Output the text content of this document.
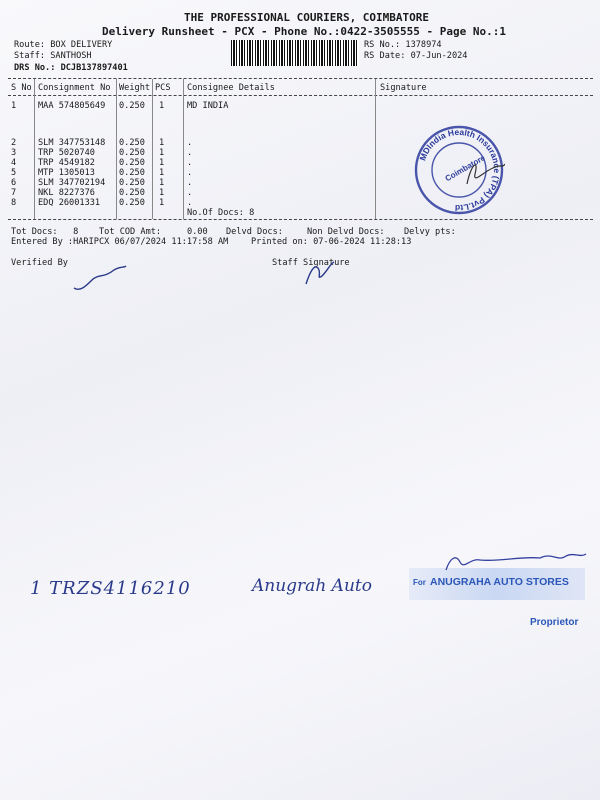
THE PROFESSIONAL COURIERS, COIMBATORE
Delivery Runsheet - PCX - Phone No.:0422-3505555 - Page No.:1
Route: BOX DELIVERY
Staff: SANTHOSH
DRS No.: DCJB137897401
RS No.: 1378974
RS Date: 07-Jun-2024
S No Consignment No Weight PCS Consignee Details	Signature
1	MAA 574805649 0.250 1	MD INDIA
2	SLM 347753148 0.250 1	.
3	TRP 5020740	0.250 1	.
4	TRP 4549182	0.250 1	.
5	MTP 1305013	0.250 1	.
6	SLM 347702194 0.250 1	.
7	NKL 8227376	0.250 1	.
8	EDQ 26001331 0.250 1	.
No.Of Docs: 8
Tot Docs:   8 Tot COD Amt:     0.00 Delvd Docs:	Non Delvd Docs: Delvy pts:
Entered By :HARIPCX 06/07/2024 11:17:58 AM	Printed on: 07-06-2024 11:28:13
Verified By	Staff Signature
MDIndia Health Insurance (TPA) Pvt.Ltd
Coimbatore
1 TRZS4116210	Anugrah Auto	For ANUGRAHA AUTO STORES
Proprietor
